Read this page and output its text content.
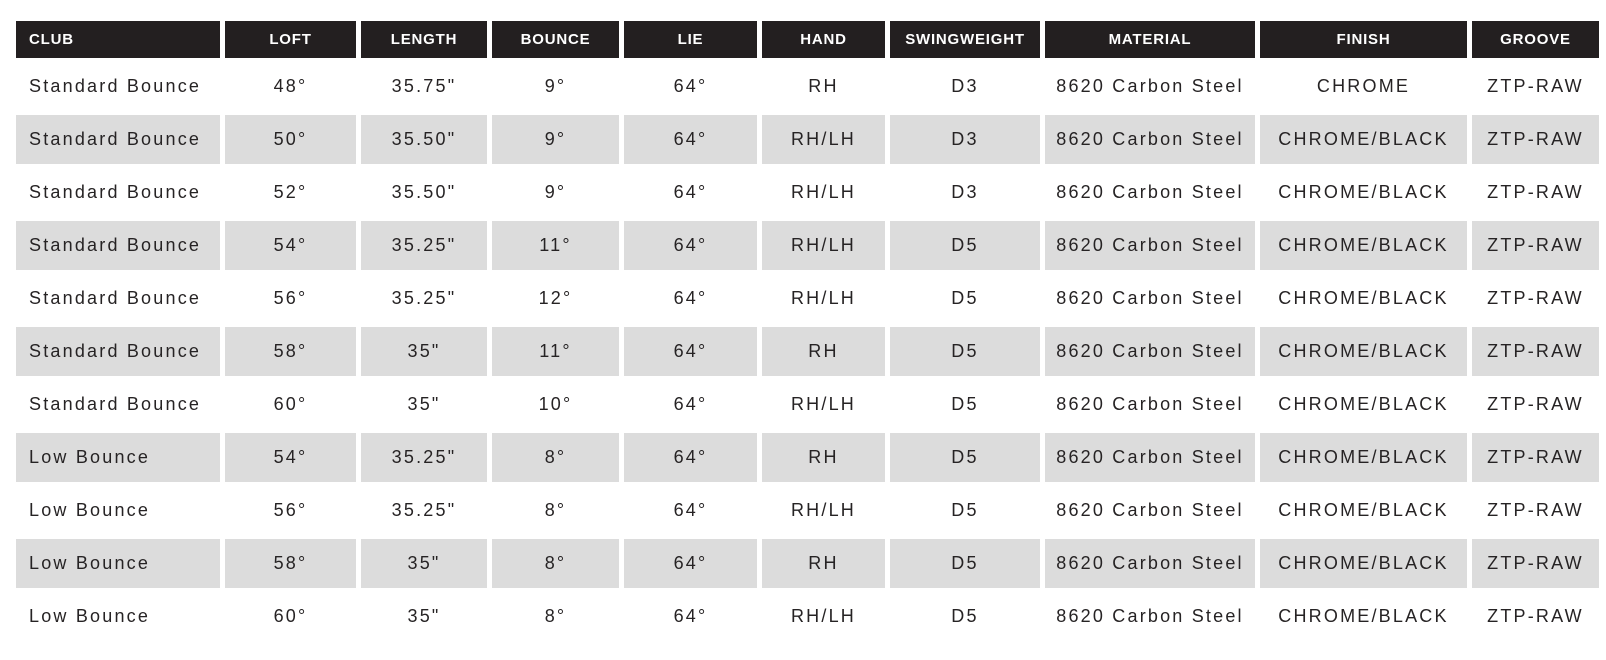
CLUB	LOFT	LENGTH	BOUNCE	LIE	HAND	SWINGWEIGHT	MATERIAL	FINISH	GROOVE
Standard Bounce	48°	35.75"	9°	64°	RH	D3	8620 Carbon Steel	CHROME	ZTP-RAW
Standard Bounce	50°	35.50"	9°	64°	RH/LH	D3	8620 Carbon Steel	CHROME/BLACK	ZTP-RAW
Standard Bounce	52°	35.50"	9°	64°	RH/LH	D3	8620 Carbon Steel	CHROME/BLACK	ZTP-RAW
Standard Bounce	54°	35.25"	11°	64°	RH/LH	D5	8620 Carbon Steel	CHROME/BLACK	ZTP-RAW
Standard Bounce	56°	35.25"	12°	64°	RH/LH	D5	8620 Carbon Steel	CHROME/BLACK	ZTP-RAW
Standard Bounce	58°	35"	11°	64°	RH	D5	8620 Carbon Steel	CHROME/BLACK	ZTP-RAW
Standard Bounce	60°	35"	10°	64°	RH/LH	D5	8620 Carbon Steel	CHROME/BLACK	ZTP-RAW
Low Bounce	54°	35.25"	8°	64°	RH	D5	8620 Carbon Steel	CHROME/BLACK	ZTP-RAW
Low Bounce	56°	35.25"	8°	64°	RH/LH	D5	8620 Carbon Steel	CHROME/BLACK	ZTP-RAW
Low Bounce	58°	35"	8°	64°	RH	D5	8620 Carbon Steel	CHROME/BLACK	ZTP-RAW
Low Bounce	60°	35"	8°	64°	RH/LH	D5	8620 Carbon Steel	CHROME/BLACK	ZTP-RAW
